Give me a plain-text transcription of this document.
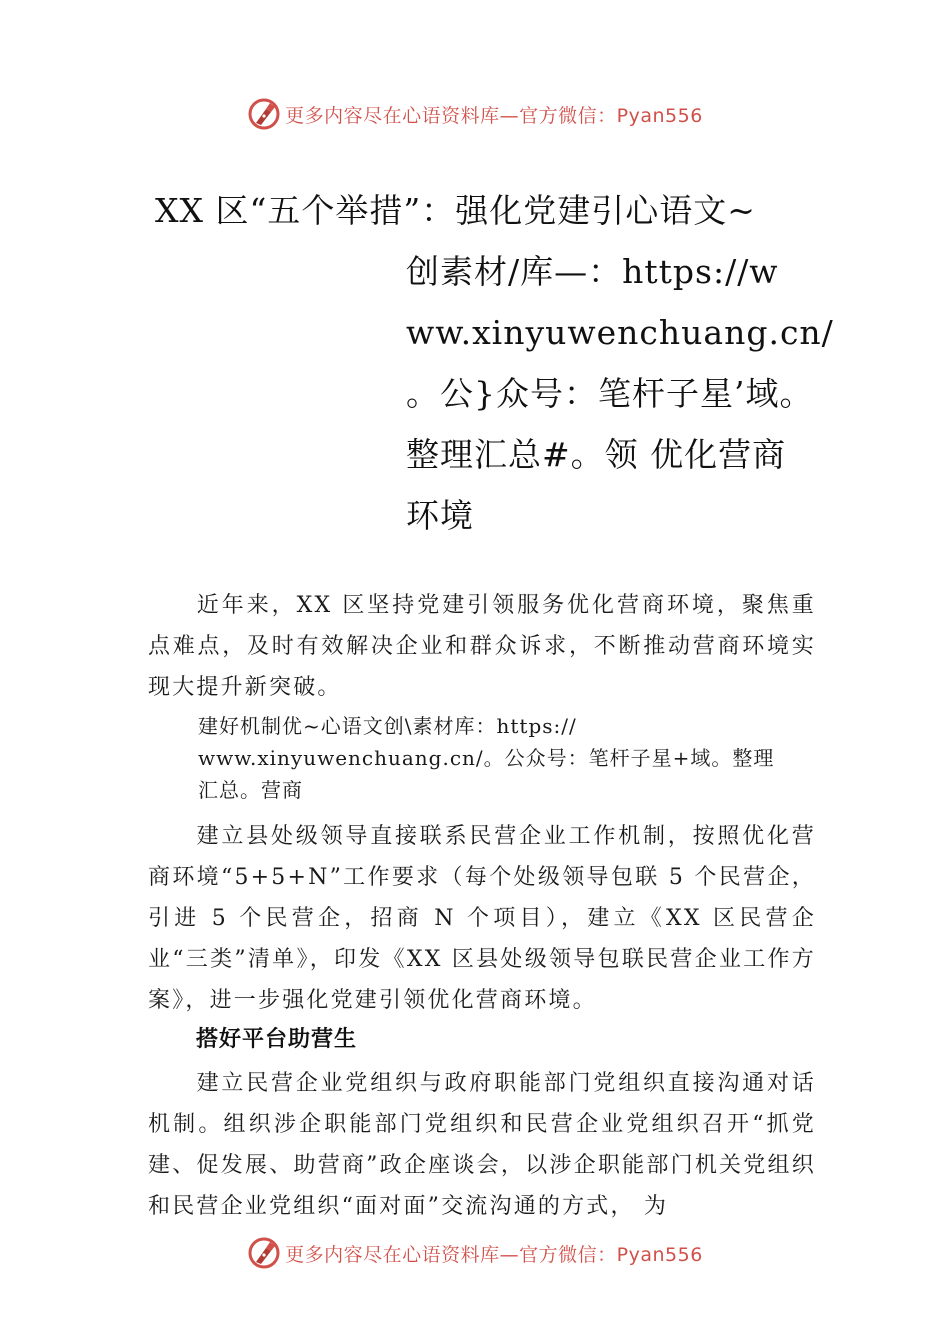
更多内容尽在心语资料库—官方微信：Pyan556
XX 区“五个举措”：强化党建引心语文~
创素材/库—：https://w
ww.xinyuwenchuang.cn/
。公}众号：笔杆子星’域。
整理汇总#。领 优化营商
环境

近年来，XX 区坚持党建引领服务优化营商环境，聚焦重点难点，及时有效解决企业和群众诉求，不断推动营商环境实现大提升新突破。

建好机制优~心语文创\素材库：https://
www.xinyuwenchuang.cn/。公众号：笔杆子星+域。整理
汇总。营商

建立县处级领导直接联系民营企业工作机制，按照优化营商环境“5+5+N”工作要求（每个处级领导包联 5 个民营企，引进 5 个民营企，招商 N 个项目），建立《XX 区民营企业“三类”清单》，印发《XX 区县处级领导包联民营企业工作方案》，进一步强化党建引领优化营商环境。

搭好平台助营生

建立民营企业党组织与政府职能部门党组织直接沟通对话机制。组织涉企职能部门党组织和民营企业党组织召开“抓党建、促发展、助营商”政企座谈会，以涉企职能部门机关党组织和民营企业党组织“面对面”交流沟通的方式， 为

更多内容尽在心语资料库—官方微信：Pyan556
